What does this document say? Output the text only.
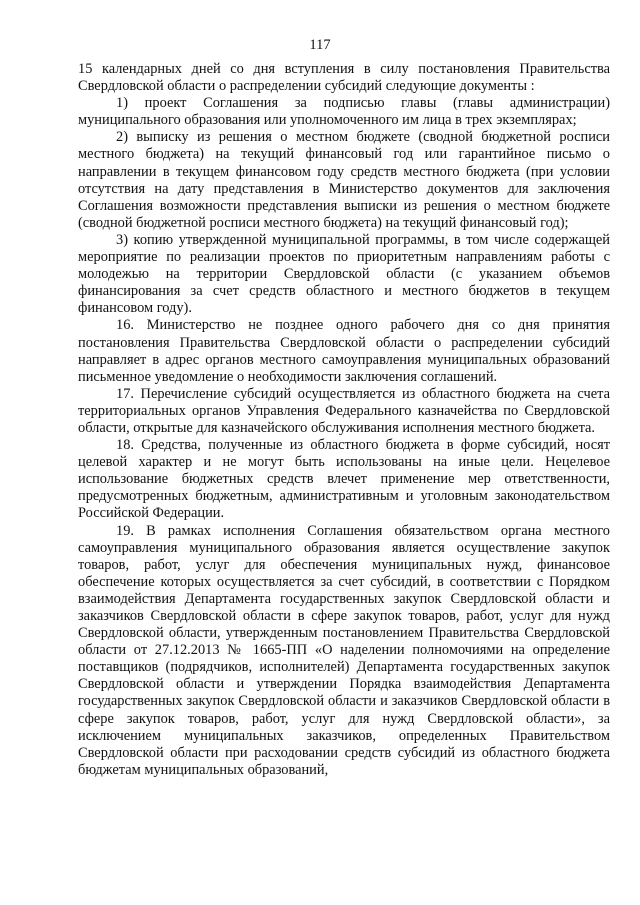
117

15 календарных дней со дня вступления в силу постановления Правительства Свердловской области о распределении субсидий следующие документы :

1) проект Соглашения за подписью главы (главы администрации) муниципального образования или уполномоченного им лица в трех экземплярах;

2) выписку из решения о местном бюджете (сводной бюджетной росписи местного бюджета) на текущий финансовый год или гарантийное письмо о направлении в текущем финансовом году средств местного бюджета (при условии отсутствия на дату представления в Министерство документов для заключения Соглашения возможности представления выписки из решения о местном бюджете (сводной бюджетной росписи местного бюджета) на текущий финансовый год);

3) копию утвержденной муниципальной программы, в том числе содержащей мероприятие по реализации проектов по приоритетным направлениям работы с молодежью на территории Свердловской области (с указанием объемов финансирования за счет средств областного и местного бюджетов в текущем финансовом году).

16. Министерство не позднее одного рабочего дня со дня принятия постановления Правительства Свердловской области о распределении субсидий направляет в адрес органов местного самоуправления муниципальных образований письменное уведомление о необходимости заключения соглашений.

17. Перечисление субсидий осуществляется из областного бюджета на счета территориальных органов Управления Федерального казначейства по Свердловской области, открытые для казначейского обслуживания исполнения местного бюджета.

18. Средства, полученные из областного бюджета в форме субсидий, носят целевой характер и не могут быть использованы на иные цели. Нецелевое использование бюджетных средств влечет применение мер ответственности, предусмотренных бюджетным, административным и уголовным законодательством Российской Федерации.

19. В рамках исполнения Соглашения обязательством органа местного самоуправления муниципального образования является осуществление закупок товаров, работ, услуг для обеспечения муниципальных нужд, финансовое обеспечение которых осуществляется за счет субсидий, в соответствии с Порядком взаимодействия Департамента государственных закупок Свердловской области и заказчиков Свердловской области в сфере закупок товаров, работ, услуг для нужд Свердловской области, утвержденным постановлением Правительства Свердловской области от 27.12.2013 № 1665-ПП «О наделении полномочиями на определение поставщиков (подрядчиков, исполнителей) Департамента государственных закупок Свердловской области и утверждении Порядка взаимодействия Департамента государственных закупок Свердловской области и заказчиков Свердловской области в сфере закупок товаров, работ, услуг для нужд Свердловской области», за исключением муниципальных заказчиков, определенных Правительством Свердловской области при расходовании средств субсидий из областного бюджета бюджетам муниципальных образований,
